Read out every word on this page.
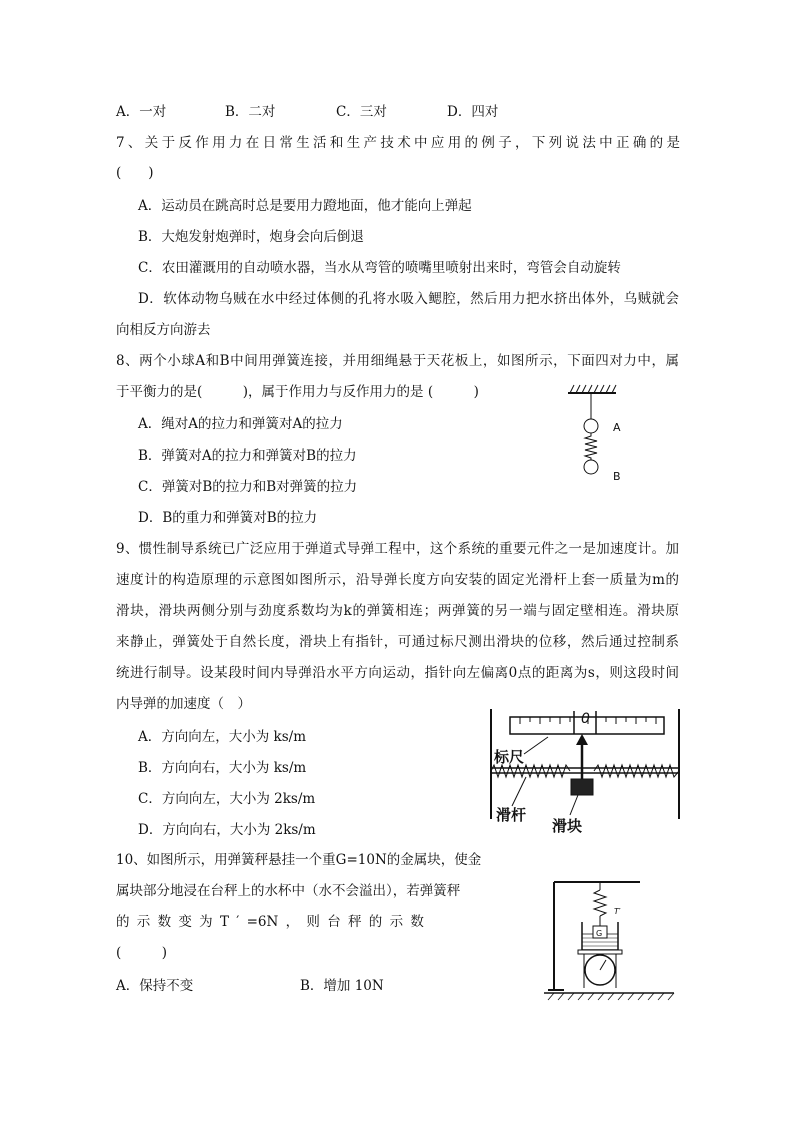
A．一对	B．二对	C．三对	D．四对
7、关于反作用力在日常生活和生产技术中应用的例子，下列说法中正确的是
(　　)
A．运动员在跳高时总是要用力蹬地面，他才能向上弹起
B．大炮发射炮弹时，炮身会向后倒退
C．农田灌溉用的自动喷水器，当水从弯管的喷嘴里喷射出来时，弯管会自动旋转
D．软体动物乌贼在水中经过体侧的孔将水吸入鳃腔，然后用力把水挤出体外，乌贼就会
向相反方向游去
8、两个小球A和B中间用弹簧连接，并用细绳悬于天花板上，如图所示，下面四对力中，属
于平衡力的是(　　　)，属于作用力与反作用力的是 (　　　)
A．绳对A的拉力和弹簧对A的拉力
B．弹簧对A的拉力和弹簧对B的拉力
C．弹簧对B的拉力和B对弹簧的拉力
D．B的重力和弹簧对B的拉力
A
B
9、惯性制导系统已广泛应用于弹道式导弹工程中，这个系统的重要元件之一是加速度计。加
速度计的构造原理的示意图如图所示，沿导弹长度方向安装的固定光滑杆上套一质量为m的
滑块，滑块两侧分别与劲度系数均为k的弹簧相连；两弹簧的另一端与固定壁相连。滑块原
来静止，弹簧处于自然长度，滑块上有指针，可通过标尺测出滑块的位移，然后通过控制系
统进行制导。设某段时间内导弹沿水平方向运动，指针向左偏离0点的距离为s，则这段时间
内导弹的加速度（　）
A．方向向左，大小为 ks/m
B．方向向右，大小为 ks/m
C．方向向左，大小为 2ks/m
D．方向向右，大小为 2ks/m
0
标尺
滑杆
滑块
10、如图所示，用弹簧秤悬挂一个重G=10N的金属块，使金
属块部分地浸在台秤上的水杯中（水不会溢出），若弹簧秤
的 示 数 变 为 T ′ =6N ， 则 台 秤 的 示 数
(　　　)
A．保持不变	B．增加 10N
T′
G
